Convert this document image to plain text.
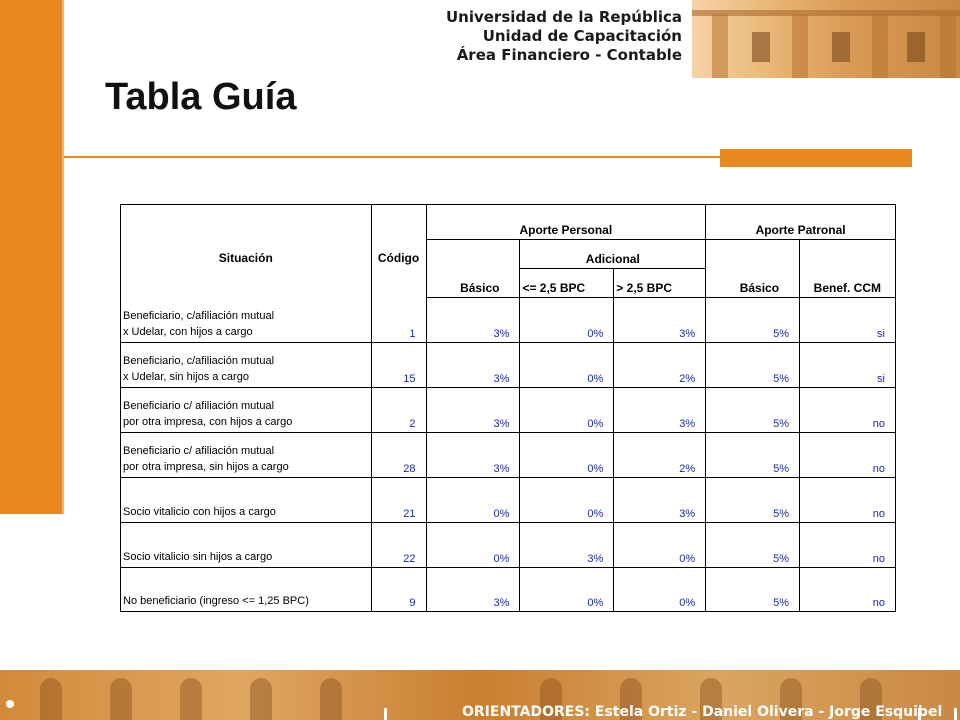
Universidad de la República
Unidad de Capacitación
Área Financiero - Contable
Tabla Guía
Situación	Código	Aporte Personal			Aporte Patronal	
			Adicional			
		Básico	<= 2,5 BPC	> 2,5 BPC	Básico	Benef. CCM

Beneficiario, c/afiliación mutual
x Udelar, con hijos a cargo	1	3%	0%	3%	5%	si

Beneficiario, c/afiliación mutual
x Udelar, sin hijos a cargo	15	3%	0%	2%	5%	si

Beneficiario c/ afiliación mutual
por otra impresa, con hijos a cargo	2	3%	0%	3%	5%	no

Beneficiario c/ afiliación mutual
por otra impresa, sin hijos a cargo	28	3%	0%	2%	5%	no

Socio vitalicio con hijos a cargo	21	0%	0%	3%	5%	no

Socio vitalicio sin hijos a cargo	22	0%	3%	0%	5%	no

No beneficiario (ingreso <= 1,25 BPC)	9	3%	0%	0%	5%	no
ORIENTADORES: Estela Ortiz - Daniel Olivera - Jorge Esquibel
